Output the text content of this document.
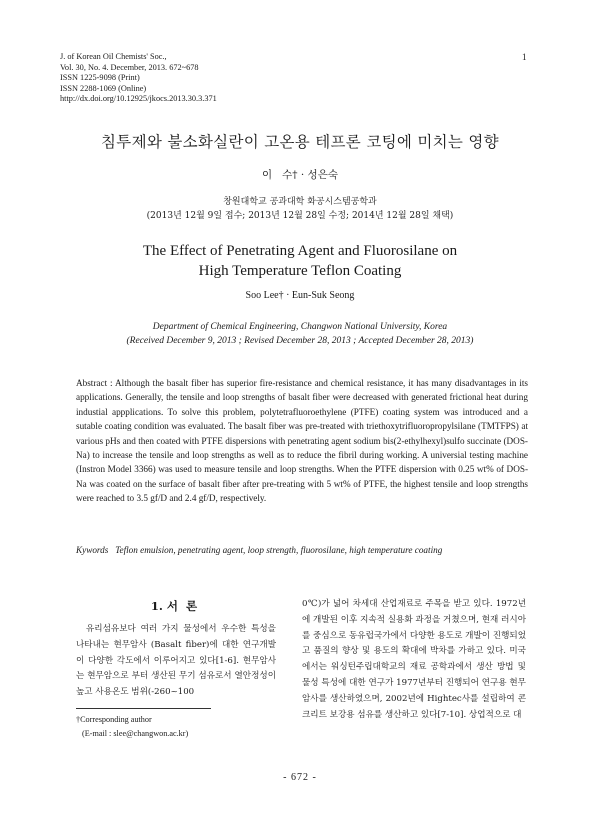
J. of Korean Oil Chemists' Soc.,
Vol. 30, No. 4. December, 2013. 672~678
ISSN 1225-9098 (Print)
ISSN 2288-1069 (Online)
http://dx.doi.org/10.12925/jkocs.2013.30.3.371
1
침투제와 불소화실란이 고온용 테프론 코팅에 미치는 영향
이   수† · 성은숙
창원대학교 공과대학 화공시스템공학과
(2013년 12월 9일 접수; 2013년 12월 28일 수정; 2014년 12월 28일 채택)
The Effect of Penetrating Agent and Fluorosilane on
High Temperature Teflon Coating
Soo Lee† · Eun-Suk Seong
Department of Chemical Engineering, Changwon National University, Korea
(Received December 9, 2013 ; Revised December 28, 2013 ; Accepted December 28, 2013)
Abstract : Although the basalt fiber has superior fire-resistance and chemical resistance, it has many disadvantages in its applications. Generally, the tensile and loop strengths of basalt fiber were decreased with generated frictional heat during industial appplications. To solve this problem, polytetrafluoroethylene (PTFE) coating system was introduced and a sutable coating condition was evaluated. The basalt fiber was pre-treated with triethoxytrifluoropropylsilane (TMTFPS) at various pHs and then coated with PTFE dispersions with penetrating agent sodium bis(2-ethylhexyl)sulfo succinate (DOS-Na) to increase the tensile and loop strengths as well as to reduce the fibril during working. A universial testing machine (Instron Model 3366) was used to measure tensile and loop strengths. When the PTFE dispersion with 0.25 wt% of DOS-Na was coated on the surface of basalt fiber after pre-treating with 5 wt% of PTFE, the highest tensile and loop strengths were reached to 3.5 gf/D and 2.4 gf/D, respectively.
Kywords Teflon emulsion, penetrating agent, loop strength, fluorosilane, high temperature coating
1. 서  론
유리섬유보다 여러 가지 물성에서 우수한 특성을 나타내는 현무암사 (Basalt fiber)에 대한 연구개발이 다양한 각도에서 이루어지고 있다[1-6]. 현무암사는 현무암으로 부터 생산된 무기 섬유로서 열안정성이 높고 사용온도 범위(-260~100
0℃)가 넓어 차세대 산업재료로 주목을 받고 있다. 1972년에 개발된 이후 지속적 실용화 과정을 거쳤으며, 현재 러시아를 중심으로 동유럽국가에서 다양한 용도로 개발이 진행되었고 품질의 향상 및 용도의 확대에 박차를 가하고 있다. 미국에서는 워싱턴주립대학교의 재료 공학과에서 생산 방법 및 물성 특성에 대한 연구가 1977년부터 진행되어 연구용 현무암사를 생산하였으며, 2002년에 Hightec사를 설립하여 콘크리트 보강용 섬유를 생산하고 있다[7-10]. 상업적으로 대
†Corresponding author
(E-mail : slee@changwon.ac.kr)
- 672 -
